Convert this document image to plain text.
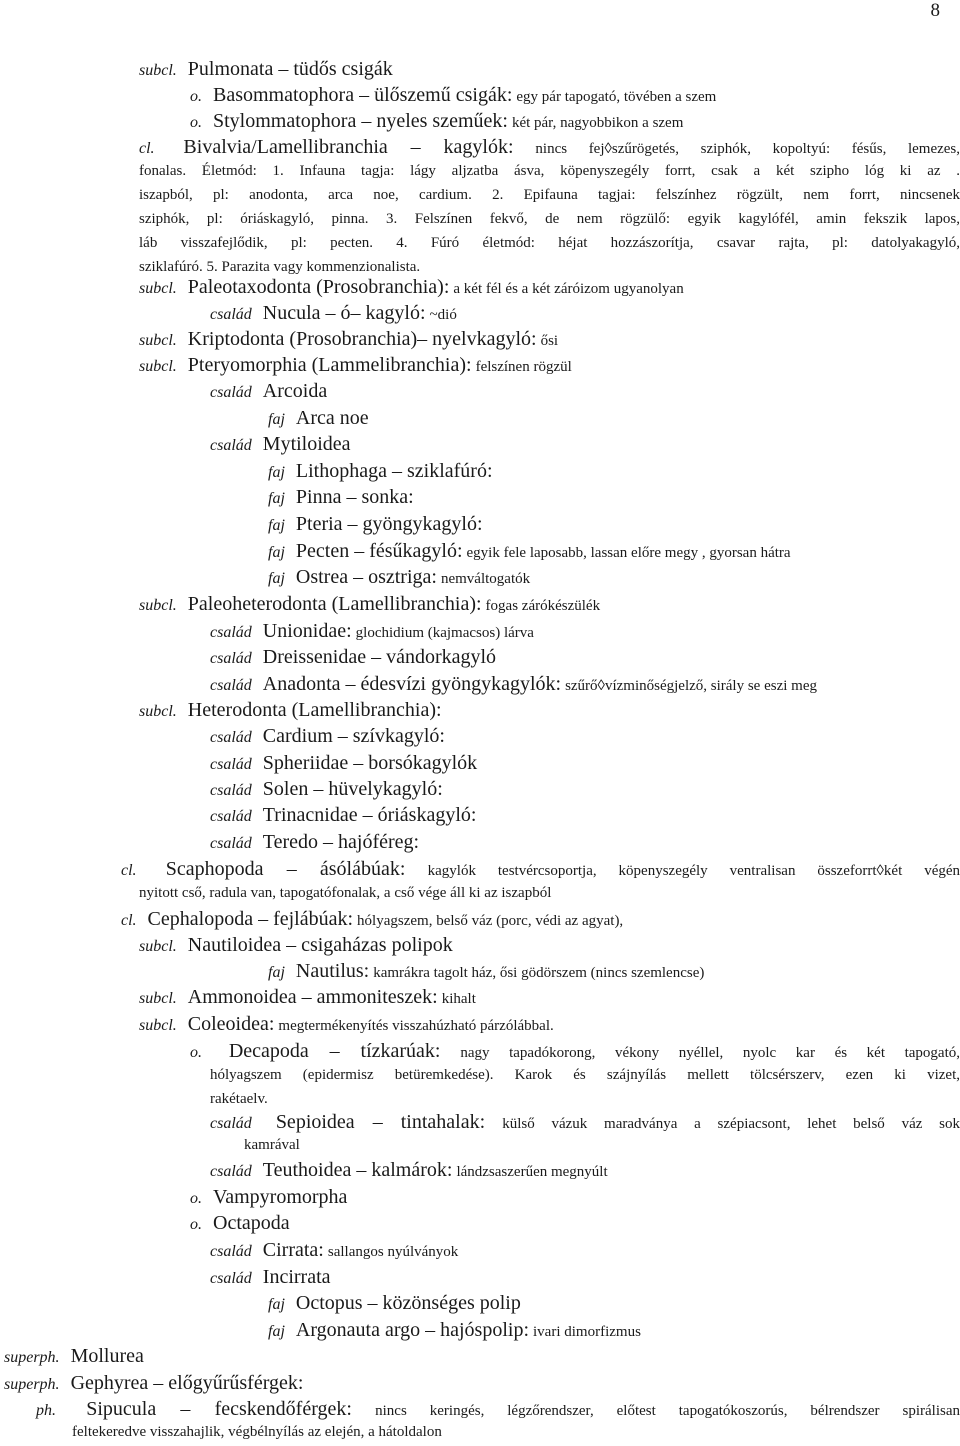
8
subcl. Pulmonata – tüdős csigák
o. Basommatophora – ülőszemű csigák: egy pár tapogató, tövében a szem
o. Stylommatophora – nyeles szeműek: két pár, nagyobbikon a szem
cl. Bivalvia/Lamellibranchia – kagylók: nincs fej◊szűrögetés, sziphók, kopoltyú: fésűs, lemezes,
fonalas. Életmód: 1. Infauna tagja: lágy aljzatba ásva, köpenyszegély forrt, csak a két szipho lóg ki az .
iszapból, pl: anodonta, arca noe, cardium. 2. Epifauna tagjai: felszínhez rögzült, nem forrt, nincsenek
sziphók, pl: óriáskagyló, pinna. 3. Felszínen fekvő, de nem rögzülő: egyik kagylófél, amin fekszik lapos,
láb visszafejlődik, pl: pecten. 4. Fúró életmód: héjat hozzászorítja, csavar rajta, pl: datolyakagyló,
sziklafúró. 5. Parazita vagy kommenzionalista.
subcl. Paleotaxodonta (Prosobranchia): a két fél és a két záróizom ugyanolyan
család Nucula – ó– kagyló: ~dió
subcl. Kriptodonta (Prosobranchia)– nyelvkagyló: ősi
subcl. Pteryomorphia (Lammelibranchia): felszínen rögzül
család Arcoida
faj Arca noe
család Mytiloidea
faj Lithophaga – sziklafúró:
faj Pinna – sonka:
faj Pteria – gyöngykagyló:
faj Pecten – fésűkagyló: egyik fele laposabb, lassan előre megy , gyorsan hátra
faj Ostrea – osztriga: nemváltogatók
subcl. Paleoheterodonta (Lamellibranchia): fogas zárókészülék
család Unionidae: glochidium (kajmacsos) lárva
család Dreissenidae – vándorkagyló
család Anadonta – édesvízi gyöngykagylók: szűrő◊vízminőségjelző, sirály se eszi meg
subcl. Heterodonta (Lamellibranchia):
család Cardium – szívkagyló:
család Spheriidae – borsókagylók
család Solen – hüvelykagyló:
család Trinacnidae – óriáskagyló:
család Teredo – hajóféreg:
cl. Scaphopoda – ásólábúak: kagylók testvércsoportja, köpenyszegély ventralisan összeforrt◊két végén
nyitott cső, radula van, tapogatófonalak, a cső vége áll ki az iszapból
cl. Cephalopoda – fejlábúak: hólyagszem, belső váz (porc, védi az agyat),
subcl. Nautiloidea – csigaházas polipok
faj Nautilus: kamrákra tagolt ház, ősi gödörszem (nincs szemlencse)
subcl. Ammonoidea – ammoniteszek: kihalt
subcl. Coleoidea: megtermékenyítés visszahúzható párzólábbal.
o. Decapoda – tízkarúak: nagy tapadókorong, vékony nyéllel, nyolc kar és két tapogató,
hólyagszem (epidermisz betüremkedése). Karok és szájnyílás mellett tölcsérszerv, ezen ki vizet,
rakétaelv.
család Sepioidea – tintahalak: külső vázuk maradványa a szépiacsont, lehet belső váz sok
kamrával
család Teuthoidea – kalmárok: lándzsaszerűen megnyúlt
o. Vampyromorpha
o. Octapoda
család Cirrata: sallangos nyúlványok
család Incirrata
faj Octopus – közönséges polip
faj Argonauta argo – hajóspolip: ivari dimorfizmus
superph. Mollurea
superph. Gephyrea – előgyűrűsférgek:
ph. Sipucula – fecskendőférgek: nincs keringés, légzőrendszer, előtest tapogatókoszorús, bélrendszer spirálisan
feltekeredve visszahajlik, végbélnyílás az elején, a hátoldalon
